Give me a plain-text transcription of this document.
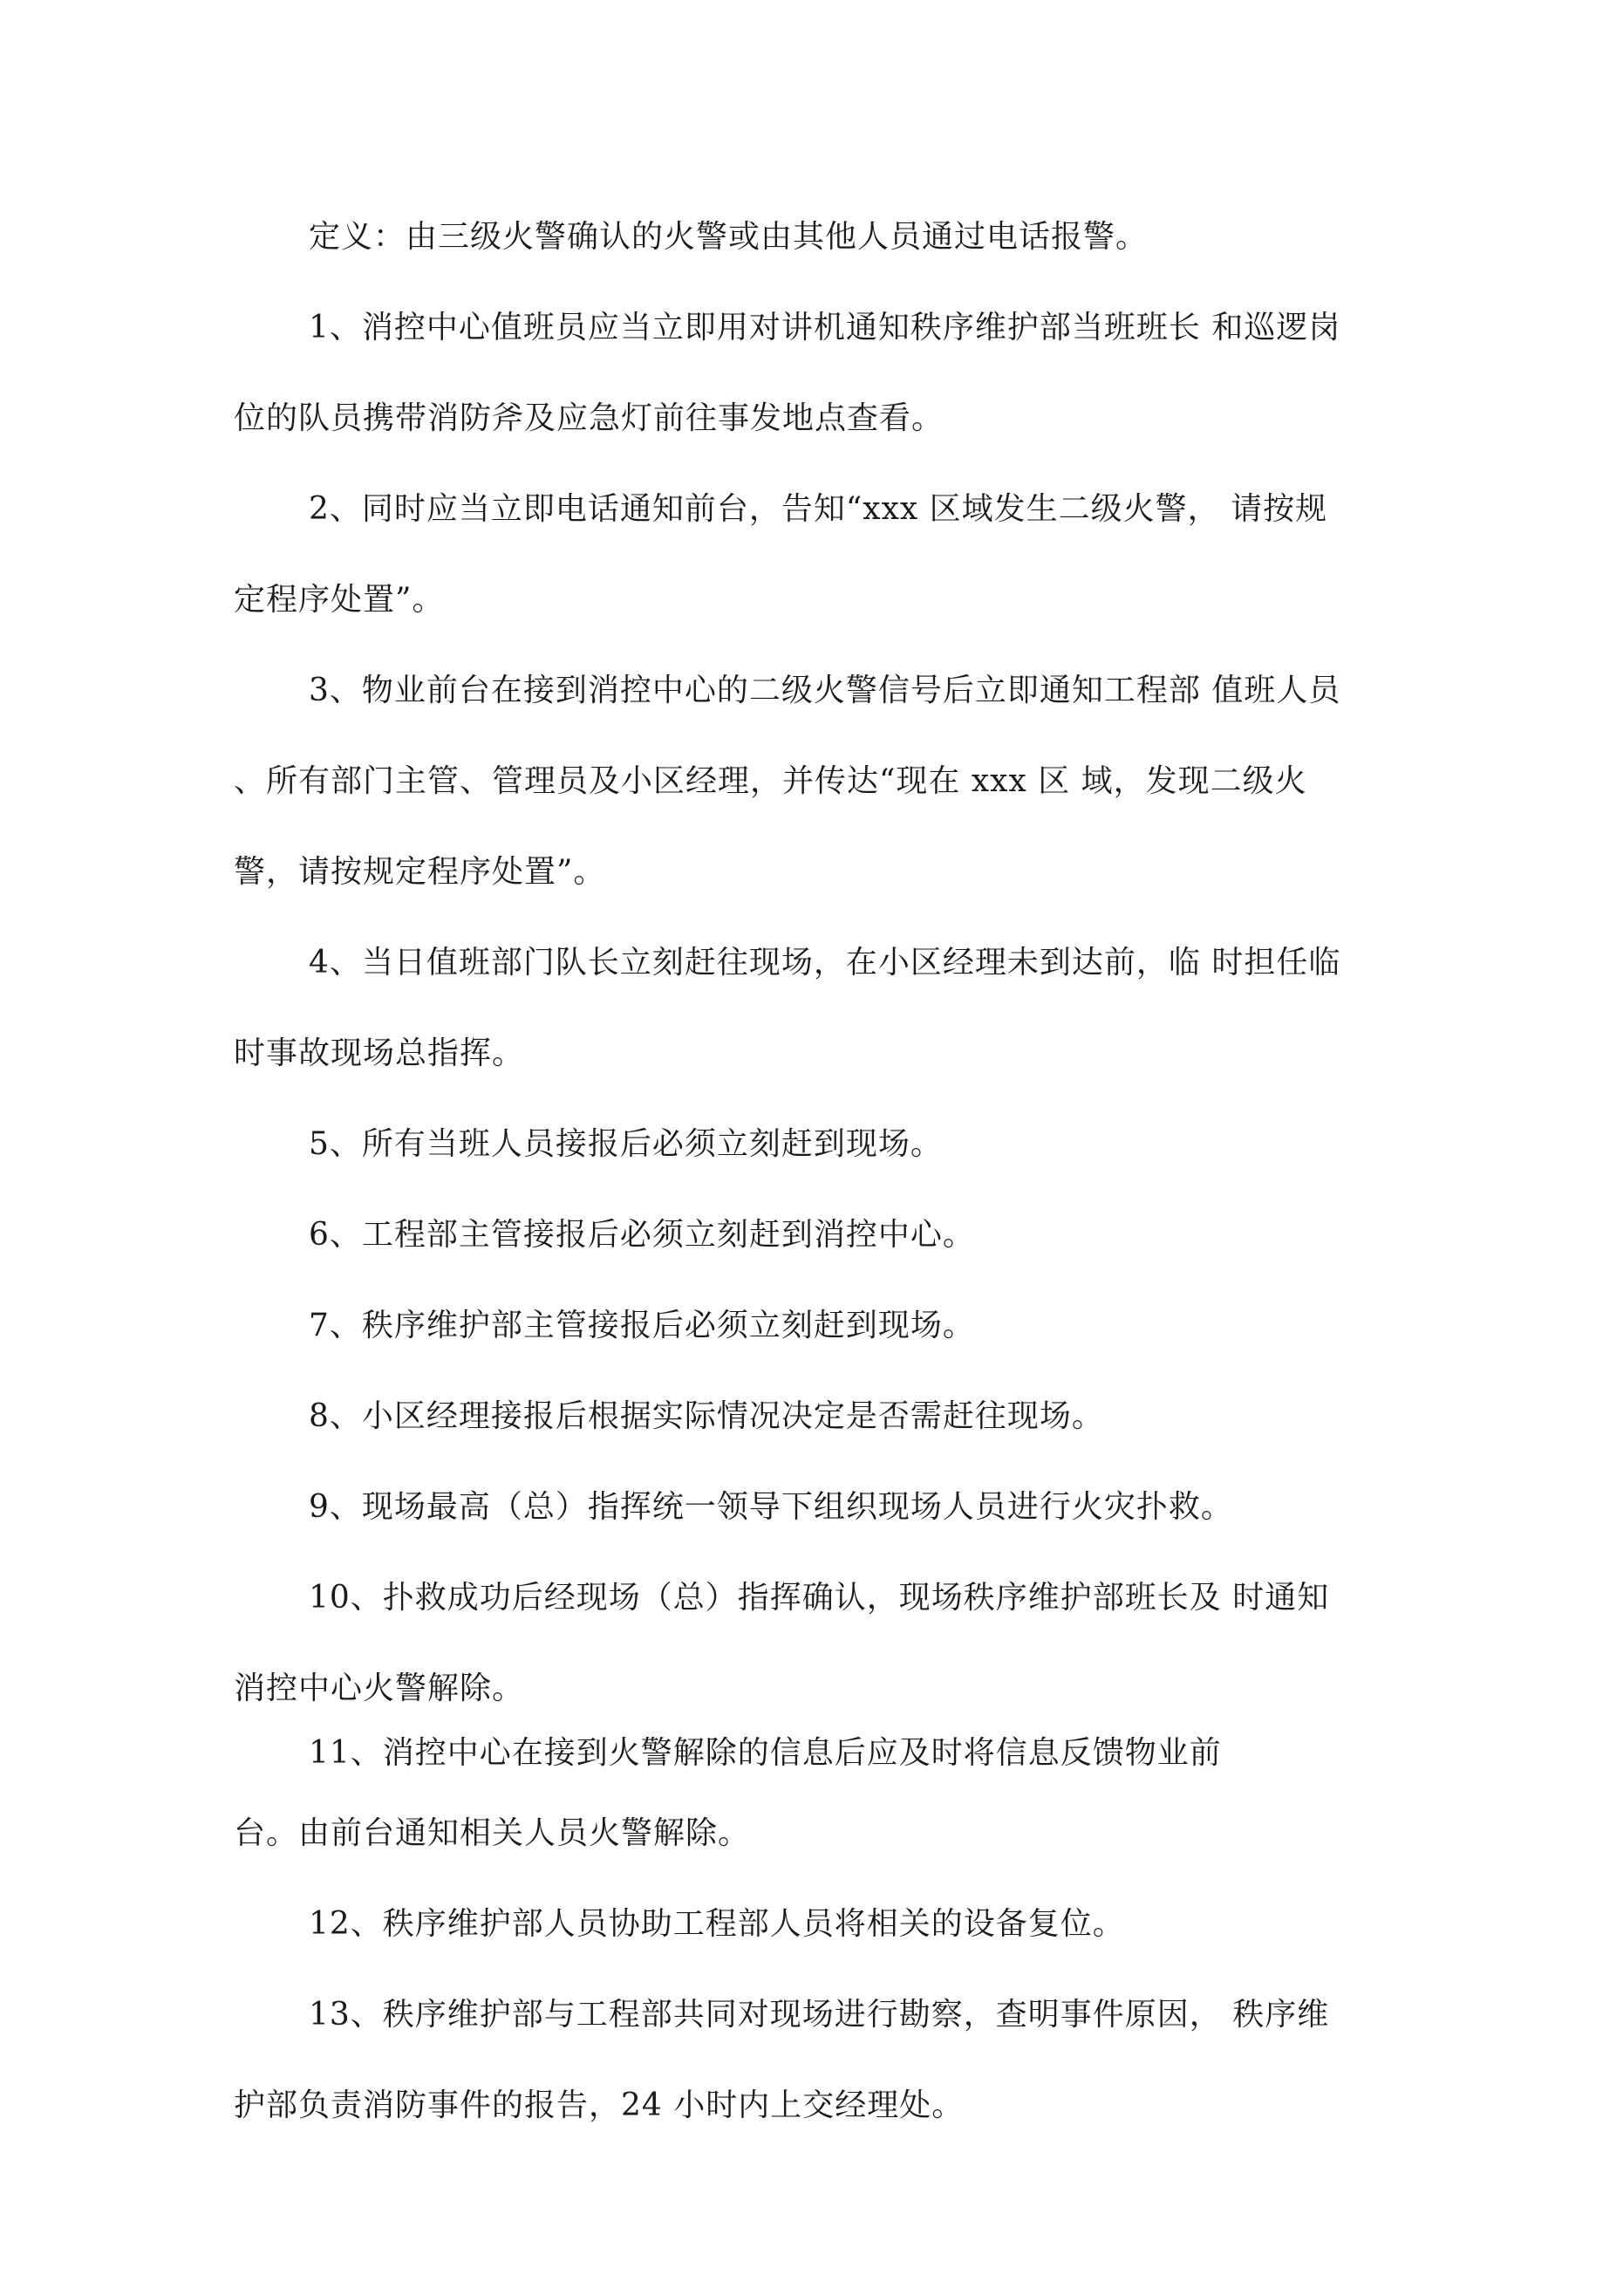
定义：由三级火警确认的火警或由其他人员通过电话报警。
1、消控中心值班员应当立即用对讲机通知秩序维护部当班班长 和巡逻岗
位的队员携带消防斧及应急灯前往事发地点查看。
2、同时应当立即电话通知前台，告知“xxx 区域发生二级火警， 请按规
定程序处置”。
3、物业前台在接到消控中心的二级火警信号后立即通知工程部 值班人员
、所有部门主管、管理员及小区经理，并传达“现在 xxx 区 域，发现二级火
警，请按规定程序处置”。
4、当日值班部门队长立刻赶往现场，在小区经理未到达前，临 时担任临
时事故现场总指挥。
5、所有当班人员接报后必须立刻赶到现场。
6、工程部主管接报后必须立刻赶到消控中心。
7、秩序维护部主管接报后必须立刻赶到现场。
8、小区经理接报后根据实际情况决定是否需赶往现场。
9、现场最高（总）指挥统一领导下组织现场人员进行火灾扑救。
10、扑救成功后经现场（总）指挥确认，现场秩序维护部班长及 时通知
消控中心火警解除。
11、消控中心在接到火警解除的信息后应及时将信息反馈物业前
台。由前台通知相关人员火警解除。
12、秩序维护部人员协助工程部人员将相关的设备复位。
13、秩序维护部与工程部共同对现场进行勘察，查明事件原因， 秩序维
护部负责消防事件的报告，24 小时内上交经理处。
